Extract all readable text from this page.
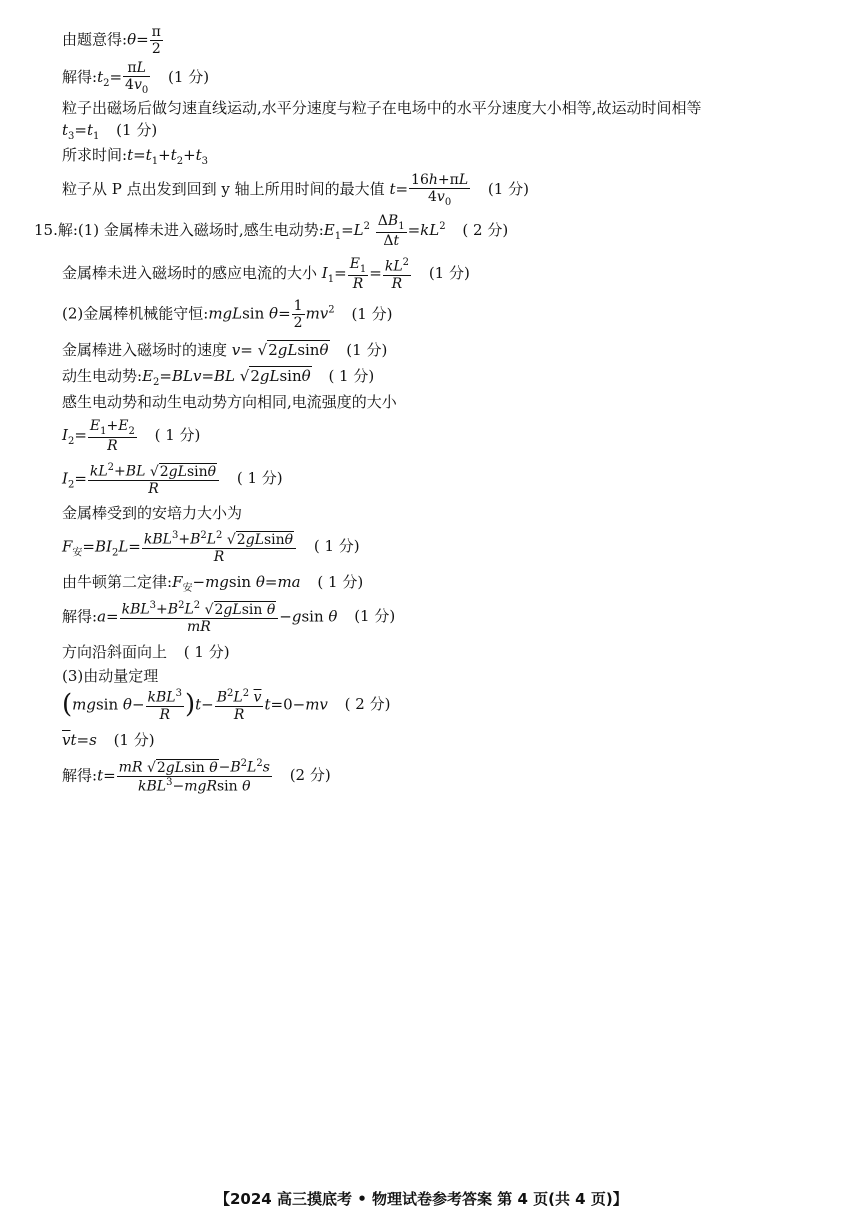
由题意得:θ= $\frac{\pi}{2}$
解得$:t_2= \frac{\pi L}{4v_0} (1$ 分)
粒子出磁场后做匀速直线运动,水平分速度与粒子在电场中的水平分速度大小相等,故运动时间相等
$t_3=t_1$ (1 分)
所求时间$:t=t_1+t_2+t_3$
粒子从 P 点出发到回到 y 轴上所用时间的最大值 $t= \frac{16h+\pi L}{4v_0} (1$ 分)
15.解:(1) 金属棒未进入磁场时,感生电动势$:E_1=L^2 \frac{\Delta B_1}{\Delta t} =kL^2$ ( 2 分)
金属棒未进入磁场时的感应电流的大小 $I_1= \frac{E_1}{R} = \frac{kL^2}{R} (1$ 分)
(2)金属棒机械能守恒:mgLsin $\theta= \frac{1}{2} mv^2$ (1 分)
金属棒进入磁场时的速度 v= √2gLsinθ (1 分)
动生电动势$:E_2=BLv=BL$ √2gLsinθ ( 1 分)
感生电动势和动生电动势方向相同,电流强度的大小
$I_2= \frac{E_1+E_2}{R}$ ( 1 分)
$I_2= \frac{kL^2+BL √2gLsin\theta}{R}$ ( 1 分)
金属棒受到的安培力大小为
$F_安=BI_2L= \frac{kBL^3+B^2L^2 √2gLsin\theta}{R}$ ( 1 分)
由牛顿第二定律$:F_安-mgsin$ θ=ma ( 1 分)
解得:a= $\frac{kBL^3+B^2L^2 √2gLsin \theta}{mR} -gsin$ θ (1 分)
方向沿斜面向上 ( 1 分)
(3)由动量定理
(mgsin $\theta- \frac{kBL^3}{R} )t- \frac{B^2L^2 \overline{v}}{R} t=0-mv$ ( 2 分)
$\overline{v}t=s$ (1 分)
解得:t= $\frac{mR √2gLsin \theta-B^2L^2s}{kBL^3-mgRsin \theta} (2$ 分)
【2024 高三摸底考 • 物理试卷参考答案 第 4 页(共 4 页)】
